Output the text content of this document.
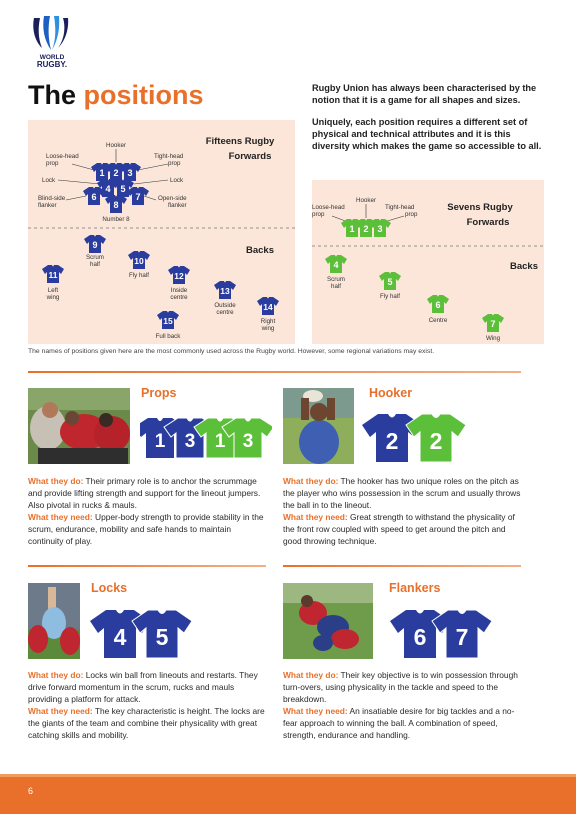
WORLD
RUGBY.
The positions	Rugby Union has always been characterised by the notion that it is a game for all shapes and sizes.

Uniquely, each position requires a different set of physical and technical attributes and it is this diversity which makes the game so accessible to all.

Fifteens Rugby
Forwards
Backs
Hooker
Loose-head
prop
Tight-head
prop
Lock	Lock
Blind-side
flanker
Open-side
flanker
Number 8
Scrum
half
Fly half
Left
wing
Inside
centre
Outside
centre
Right
wing
Full back
1 2 3
4 5
6	7
8
9
10
11	12
13
14
15
Sevens Rugby
Forwards
Backs
Hooker
Loose-head
prop
Tight-head
prop
Scrum
half
Fly half
Centre
Wing
1 2 3
4
5
6
7
The names of positions given here are the most commonly used across the Rugby world. However, some regional variations may exist.
Props
1 3 1 3
What they do: Their primary role is to anchor the scrummage and provide lifting strength and support for the lineout jumpers. Also pivotal in rucks & mauls.
What they need: Upper-body strength to provide stability in the scrum, endurance, mobility and safe hands to maintain continuity of play.
Hooker
2 2
What they do: The hooker has two unique roles on the pitch as the player who wins possession in the scrum and usually throws the ball in to the lineout.
What they need: Great strength to withstand the physicality of the front row coupled with speed to get around the pitch and good throwing technique.
Locks
4 5
What they do: Locks win ball from lineouts and restarts. They drive forward momentum in the scrum, rucks and mauls providing a platform for attack.
What they need: The key characteristic is height. The locks are the giants of the team and combine their physicality with great catching skills and mobility.
Flankers
6 7
What they do: Their key objective is to win possession through turn-overs, using physicality in the tackle and speed to the breakdown.
What they need: An insatiable desire for big tackles and a no-fear approach to winning the ball. A combination of speed, strength, endurance and handling.
6
